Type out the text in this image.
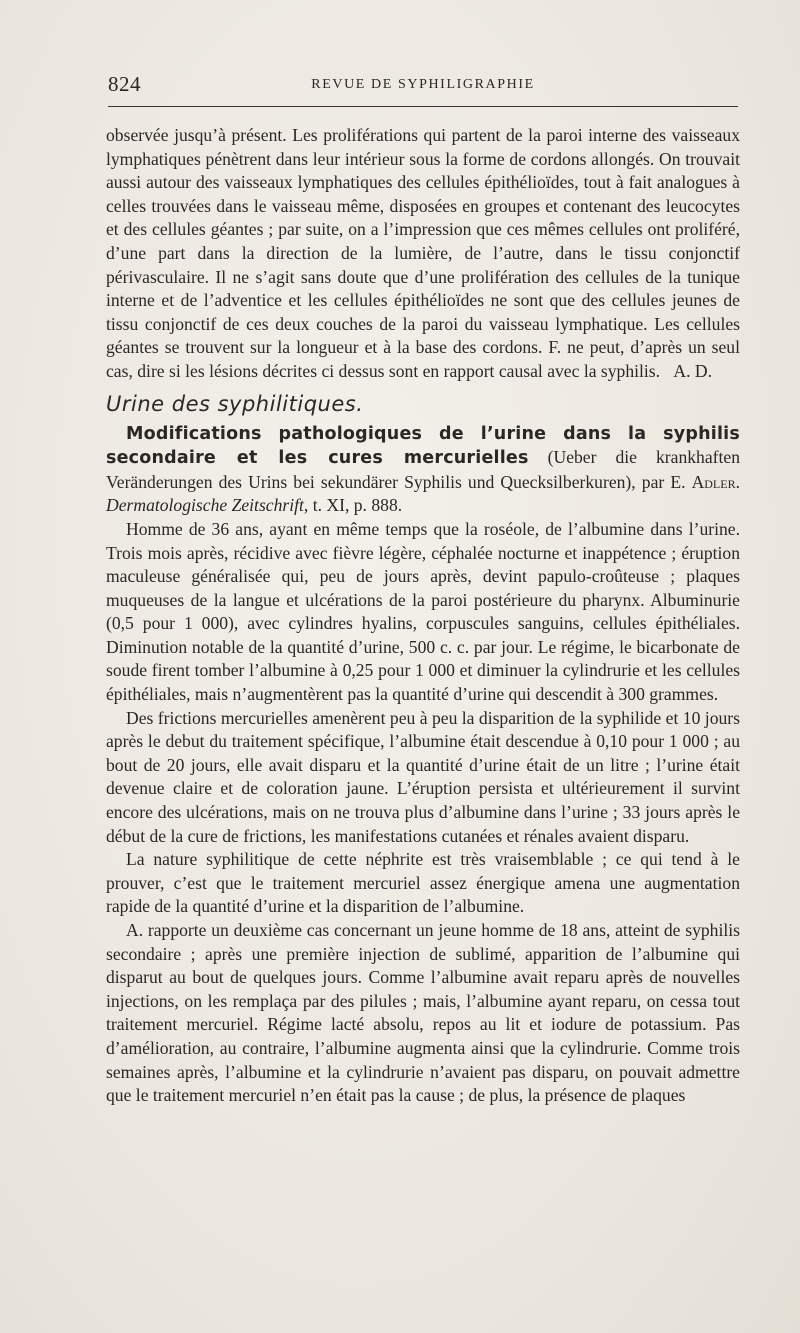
824	REVUE DE SYPHILIGRAPHIE

observée jusqu’à présent. Les proliférations qui partent de la paroi interne des vaisseaux lymphatiques pénètrent dans leur intérieur sous la forme de cordons allongés. On trouvait aussi autour des vaisseaux lymphatiques des cellules épithélioïdes, tout à fait analogues à celles trouvées dans le vaisseau même, disposées en groupes et contenant des leucocytes et des cellules géantes ; par suite, on a l’impression que ces mêmes cellules ont proliféré, d’une part dans la direction de la lumière, de l’autre, dans le tissu conjonctif périvasculaire. Il ne s’agit sans doute que d’une prolifération des cellules de la tunique interne et de l’adventice et les cellules épithélioïdes ne sont que des cellules jeunes de tissu conjonctif de ces deux couches de la paroi du vaisseau lymphatique. Les cellules géantes se trouvent sur la longueur et à la base des cordons. F. ne peut, d’après un seul cas, dire si les lésions décrites ci dessus sont en rapport causal avec la syphilis. A. D.

Urine des syphilitiques.

Modifications pathologiques de l’urine dans la syphilis secondaire et les cures mercurielles (Ueber die krankhaften Veränderungen des Urins bei sekundärer Syphilis und Quecksilberkuren), par E. Adler. Dermatologische Zeitschrift, t. XI, p. 888.

Homme de 36 ans, ayant en même temps que la roséole, de l’albumine dans l’urine. Trois mois après, récidive avec fièvre légère, céphalée nocturne et inappétence ; éruption maculeuse généralisée qui, peu de jours après, devint papulo-croûteuse ; plaques muqueuses de la langue et ulcérations de la paroi postérieure du pharynx. Albuminurie (0,5 pour 1 000), avec cylindres hyalins, corpuscules sanguins, cellules épithéliales. Diminution notable de la quantité d’urine, 500 c. c. par jour. Le régime, le bicarbonate de soude firent tomber l’albumine à 0,25 pour 1 000 et diminuer la cylindrurie et les cellules épithéliales, mais n’augmentèrent pas la quantité d’urine qui descendit à 300 grammes.

Des frictions mercurielles amenèrent peu à peu la disparition de la syphilide et 10 jours après le debut du traitement spécifique, l’albumine était descendue à 0,10 pour 1 000 ; au bout de 20 jours, elle avait disparu et la quantité d’urine était de un litre ; l’urine était devenue claire et de coloration jaune. L’éruption persista et ultérieurement il survint encore des ulcérations, mais on ne trouva plus d’albumine dans l’urine ; 33 jours après le début de la cure de frictions, les manifestations cutanées et rénales avaient disparu.

La nature syphilitique de cette néphrite est très vraisemblable ; ce qui tend à le prouver, c’est que le traitement mercuriel assez énergique amena une augmentation rapide de la quantité d’urine et la disparition de l’albumine.

A. rapporte un deuxième cas concernant un jeune homme de 18 ans, atteint de syphilis secondaire ; après une première injection de sublimé, apparition de l’albumine qui disparut au bout de quelques jours. Comme l’albumine avait reparu après de nouvelles injections, on les remplaça par des pilules ; mais, l’albumine ayant reparu, on cessa tout traitement mercuriel. Régime lacté absolu, repos au lit et iodure de potassium. Pas d’amélioration, au contraire, l’albumine augmenta ainsi que la cylindrurie. Comme trois semaines après, l’albumine et la cylindrurie n’avaient pas disparu, on pouvait admettre que le traitement mercuriel n’en était pas la cause ; de plus, la présence de plaques
